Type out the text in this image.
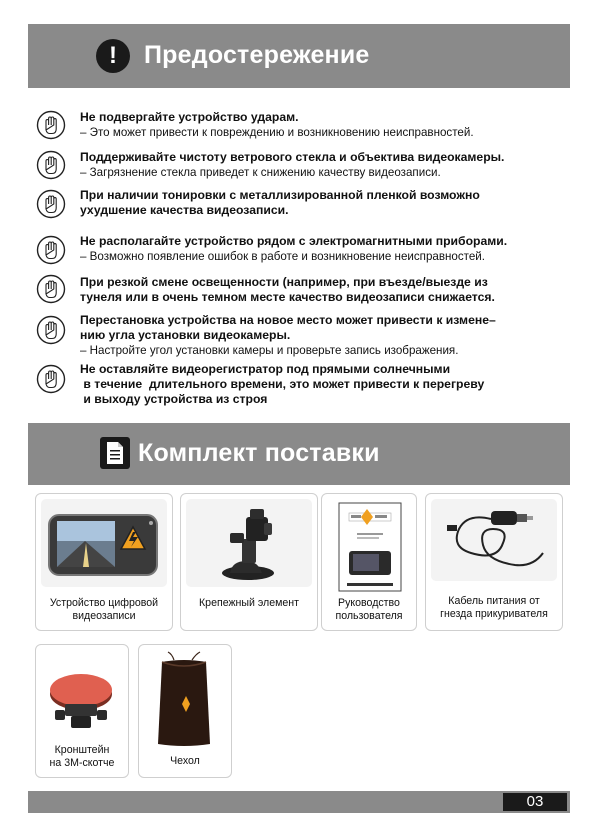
!	Предостережение
Не подвергайте устройство ударам.
– Это может привести к повреждению и возникновению неисправностей.
Поддерживайте чистоту ветрового стекла и объектива видеокамеры.
– Загрязнение стекла приведет к снижению качеству видеозаписи.
При наличии тонировки с металлизированной пленкой возможно
ухудшение качества видеозаписи.
Не располагайте устройство рядом с электромагнитными приборами.
– Возможно появление ошибок в работе и возникновение неисправностей.
При резкой смене освещенности (например, при въезде/выезде из
тунеля или в очень темном месте качество видеозаписи снижается.
Перестановка устройства на новое место может привести к измене–
нию угла установки видеокамеры.
– Настройте угол установки камеры и проверьте запись изображения.
Не оставляйте видеорегистратор под прямыми солнечными
в течение  длительного времени, это может привести к перегреву
и выходу устройства из строя
Комплект поставки
Устройство цифровой
видеозаписи
Крепежный элемент	Руководство
пользователя
Кабель питания от
гнезда прикуривателя
Кронштейн
на 3М-скотче	Чехол
03
